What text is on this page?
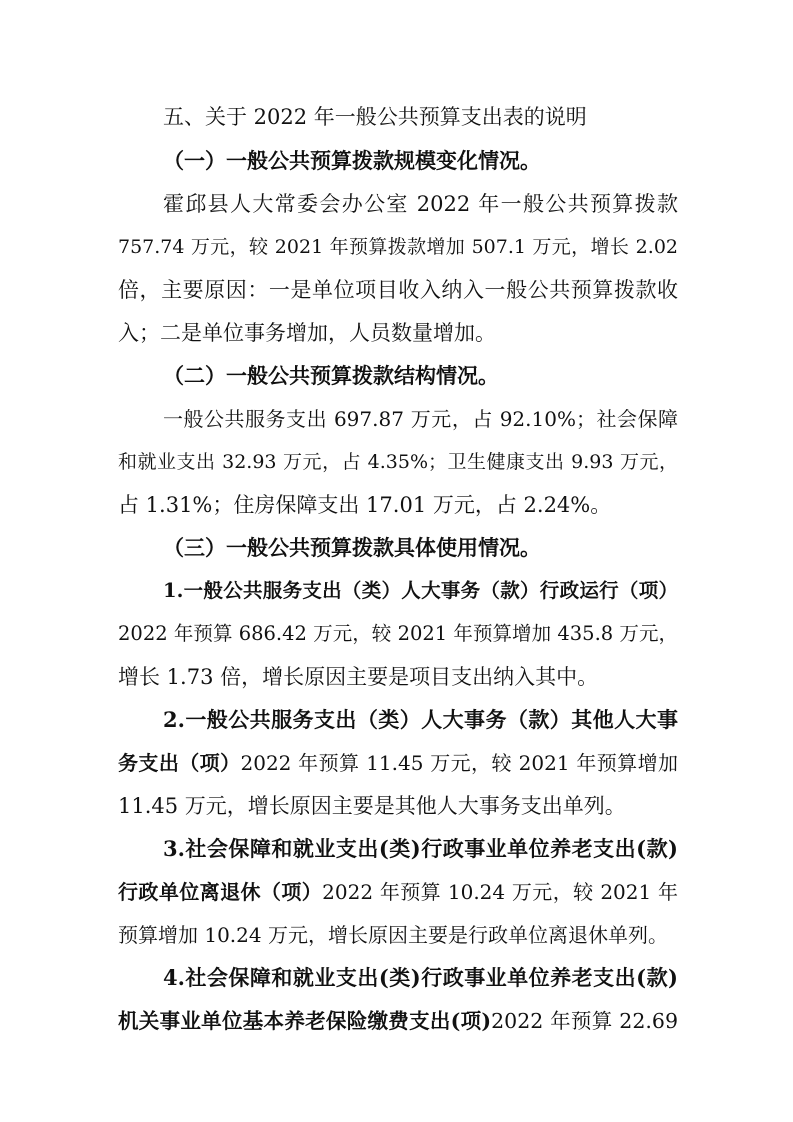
五、关于 2022 年一般公共预算支出表的说明
（一）一般公共预算拨款规模变化情况。
霍邱县人大常委会办公室 2022 年一般公共预算拨款
757.74 万元，较 2021 年预算拨款增加 507.1 万元，增长 2.02
倍，主要原因：一是单位项目收入纳入一般公共预算拨款收
入；二是单位事务增加，人员数量增加。
（二）一般公共预算拨款结构情况。
一般公共服务支出 697.87 万元，占 92.10%；社会保障
和就业支出 32.93 万元，占 4.35%；卫生健康支出 9.93 万元，
占 1.31%；住房保障支出 17.01 万元，占 2.24%。
（三）一般公共预算拨款具体使用情况。
1.一般公共服务支出（类）人大事务（款）行政运行（项）
2022 年预算 686.42 万元，较 2021 年预算增加 435.8 万元，
增长 1.73 倍，增长原因主要是项目支出纳入其中。
2.一般公共服务支出（类）人大事务（款）其他人大事
务支出（项）2022 年预算 11.45 万元，较 2021 年预算增加
11.45 万元，增长原因主要是其他人大事务支出单列。
3.社会保障和就业支出(类)行政事业单位养老支出(款)
行政单位离退休（项）2022 年预算 10.24 万元，较 2021 年
预算增加 10.24 万元，增长原因主要是行政单位离退休单列。
4.社会保障和就业支出(类)行政事业单位养老支出(款)
机关事业单位基本养老保险缴费支出(项)2022 年预算 22.69
